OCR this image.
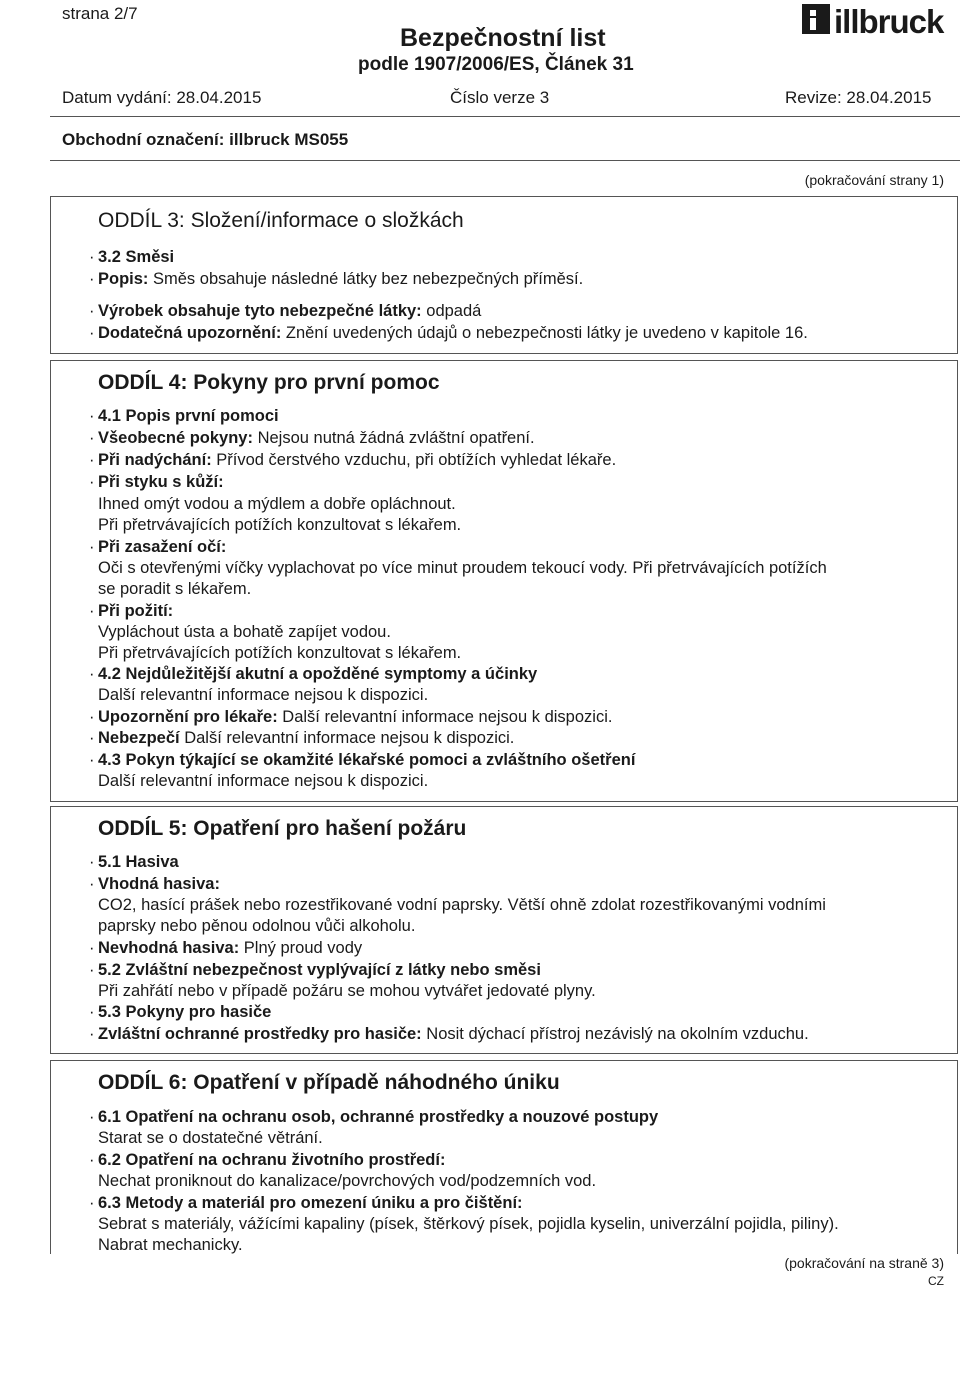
strana 2/7
Bezpečnostní list
podle 1907/2006/ES, Článek 31
illbruck
Datum vydání: 28.04.2015	Číslo verze 3	Revize: 28.04.2015
Obchodní označení: illbruck MS055
(pokračování strany 1)
ODDÍL 3: Složení/informace o složkách
· 3.2 Směsi
· Popis: Směs obsahuje následné látky bez nebezpečných příměsí.
· Výrobek obsahuje tyto nebezpečné látky: odpadá
· Dodatečná upozornění: Znění uvedených údajů o nebezpečnosti látky je uvedeno v kapitole 16.
ODDÍL 4: Pokyny pro první pomoc
· 4.1 Popis první pomoci
· Všeobecné pokyny: Nejsou nutná žádná zvláštní opatření.
· Při nadýchání: Přívod čerstvého vzduchu, při obtížích vyhledat lékaře.
· Při styku s kůží:
Ihned omýt vodou a mýdlem a dobře opláchnout.
Při přetrvávajících potížích konzultovat s lékařem.
· Při zasažení očí:
Oči s otevřenými víčky vyplachovat po více minut proudem tekoucí vody. Při přetrvávajících potížích
se poradit s lékařem.
· Při požití:
Vypláchout ústa a bohatě zapíjet vodou.
Při přetrvávajících potížích konzultovat s lékařem.
· 4.2 Nejdůležitější akutní a opožděné symptomy a účinky
Další relevantní informace nejsou k dispozici.
· Upozornění pro lékaře: Další relevantní informace nejsou k dispozici.
· Nebezpečí Další relevantní informace nejsou k dispozici.
· 4.3 Pokyn týkající se okamžité lékařské pomoci a zvláštního ošetření
Další relevantní informace nejsou k dispozici.
ODDÍL 5: Opatření pro hašení požáru
· 5.1 Hasiva
· Vhodná hasiva:
CO2, hasící prášek nebo rozestřikované vodní paprsky. Větší ohně zdolat rozestřikovanými vodními
paprsky nebo pěnou odolnou vůči alkoholu.
· Nevhodná hasiva: Plný proud vody
· 5.2 Zvláštní nebezpečnost vyplývající z látky nebo směsi
Při zahřátí nebo v případě požáru se mohou vytvářet jedovaté plyny.
· 5.3 Pokyny pro hasiče
· Zvláštní ochranné prostředky pro hasiče: Nosit dýchací přístroj nezávislý na okolním vzduchu.
ODDÍL 6: Opatření v případě náhodného úniku
· 6.1 Opatření na ochranu osob, ochranné prostředky a nouzové postupy
Starat se o dostatečné větrání.
· 6.2 Opatření na ochranu životního prostředí:
Nechat proniknout do kanalizace/povrchových vod/podzemních vod.
· 6.3 Metody a materiál pro omezení úniku a pro čištění:
Sebrat s materiály, vážícími kapaliny (písek, štěrkový písek, pojidla kyselin, univerzální pojidla, piliny).
Nabrat mechanicky.
(pokračování na straně 3)
CZ
